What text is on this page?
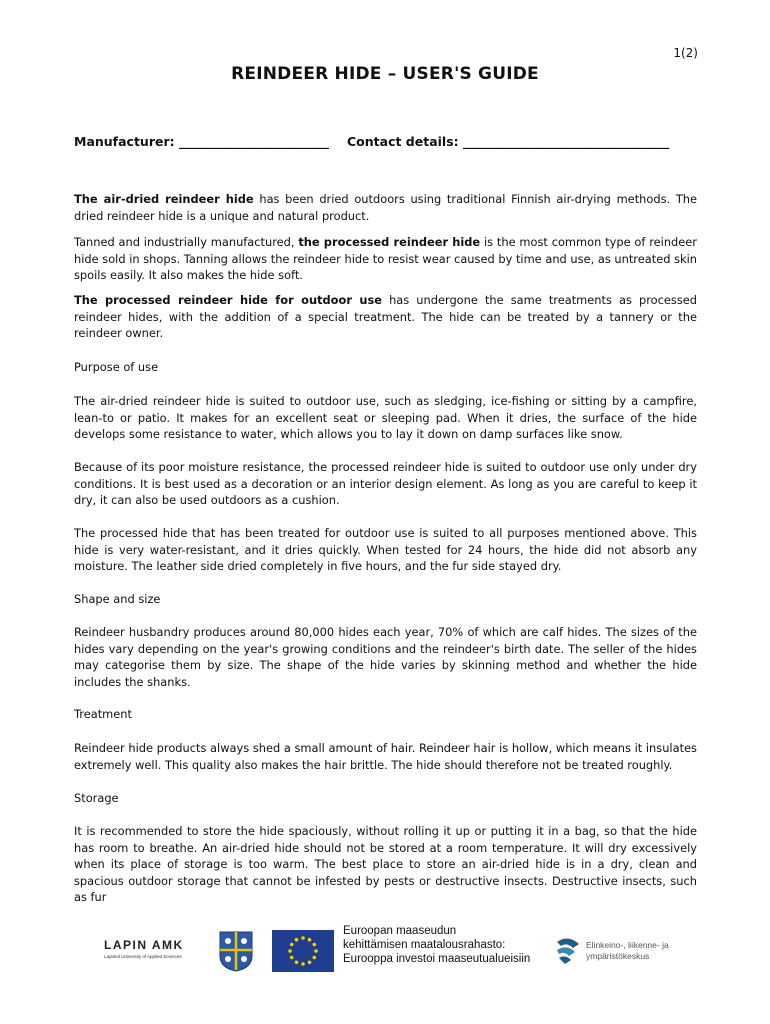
1(2)
REINDEER HIDE – USER'S GUIDE
Manufacturer: ________________________ Contact details: _________________________________

The air-dried reindeer hide has been dried outdoors using traditional Finnish air-drying methods. The dried reindeer hide is a unique and natural product.

Tanned and industrially manufactured, the processed reindeer hide is the most common type of reindeer hide sold in shops. Tanning allows the reindeer hide to resist wear caused by time and use, as untreated skin spoils easily. It also makes the hide soft.

The processed reindeer hide for outdoor use has undergone the same treatments as processed reindeer hides, with the addition of a special treatment. The hide can be treated by a tannery or the reindeer owner.

Purpose of use

The air-dried reindeer hide is suited to outdoor use, such as sledging, ice-fishing or sitting by a campfire, lean-to or patio. It makes for an excellent seat or sleeping pad. When it dries, the surface of the hide develops some resistance to water, which allows you to lay it down on damp surfaces like snow.

Because of its poor moisture resistance, the processed reindeer hide is suited to outdoor use only under dry conditions. It is best used as a decoration or an interior design element. As long as you are careful to keep it dry, it can also be used outdoors as a cushion.

The processed hide that has been treated for outdoor use is suited to all purposes mentioned above. This hide is very water-resistant, and it dries quickly. When tested for 24 hours, the hide did not absorb any moisture. The leather side dried completely in five hours, and the fur side stayed dry.

Shape and size

Reindeer husbandry produces around 80,000 hides each year, 70% of which are calf hides. The sizes of the hides vary depending on the year's growing conditions and the reindeer's birth date. The seller of the hides may categorise them by size. The shape of the hide varies by skinning method and whether the hide includes the shanks.

Treatment

Reindeer hide products always shed a small amount of hair. Reindeer hair is hollow, which means it insulates extremely well. This quality also makes the hair brittle. The hide should therefore not be treated roughly.

Storage

It is recommended to store the hide spaciously, without rolling it up or putting it in a bag, so that the hide has room to breathe. An air-dried hide should not be stored at a room temperature. It will dry excessively when its place of storage is too warm. The best place to store an air-dried hide is in a dry, clean and spacious outdoor storage that cannot be infested by pests or destructive insects. Destructive insects, such as fur

LAPIN AMK
Lapland University of Applied Sciences
Euroopan maaseudun
kehittämisen maatalousrahasto:
Eurooppa investoi maaseutualueisiin
Elinkeino-, liikenne- ja
ympäristökeskus
